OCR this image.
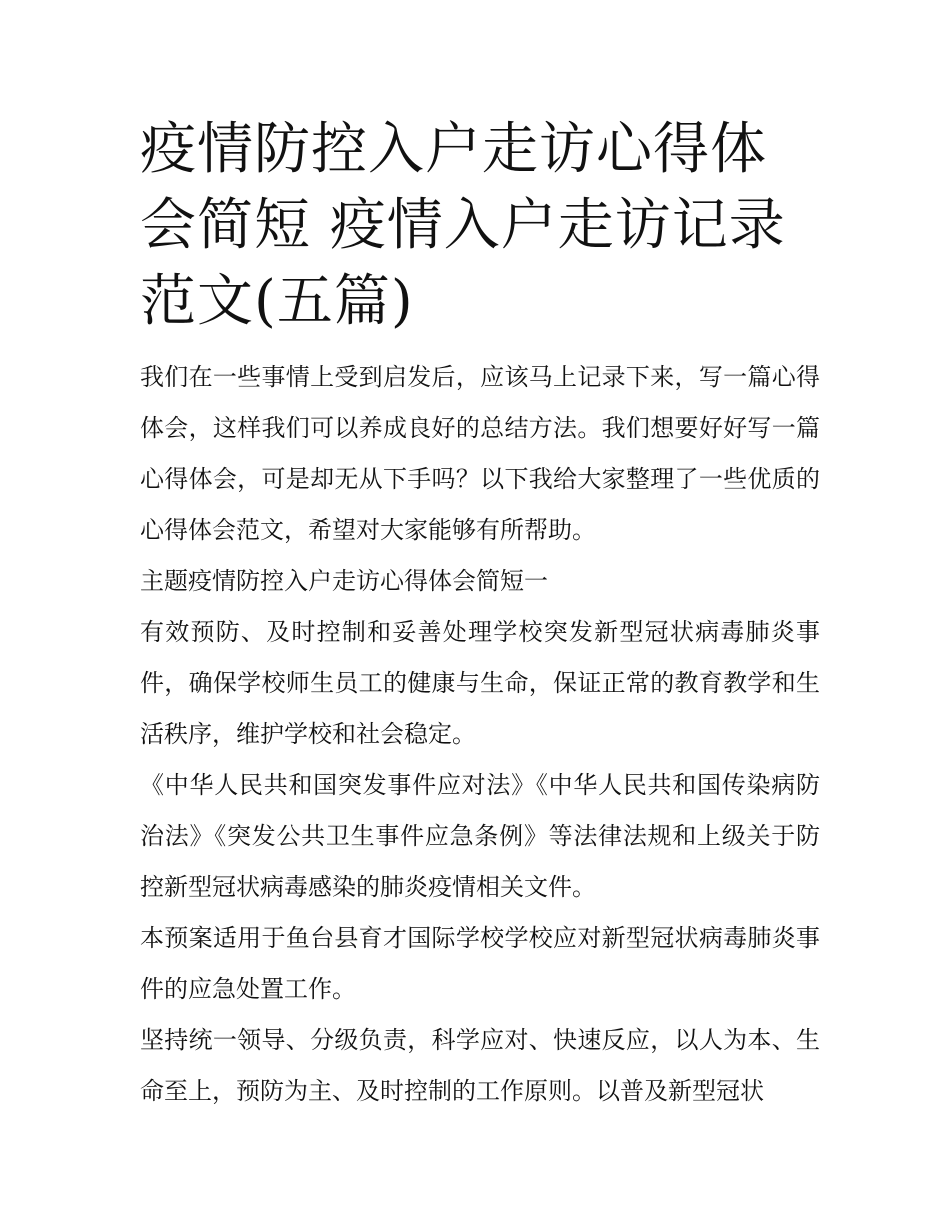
疫情防控入户走访心得体会简短 疫情入户走访记录范文(五篇)

我们在一些事情上受到启发后，应该马上记录下来，写一篇心得体会，这样我们可以养成良好的总结方法。我们想要好好写一篇心得体会，可是却无从下手吗？以下我给大家整理了一些优质的心得体会范文，希望对大家能够有所帮助。

主题疫情防控入户走访心得体会简短一

有效预防、及时控制和妥善处理学校突发新型冠状病毒肺炎事件，确保学校师生员工的健康与生命，保证正常的教育教学和生活秩序，维护学校和社会稳定。

《中华人民共和国突发事件应对法》《中华人民共和国传染病防治法》《突发公共卫生事件应急条例》等法律法规和上级关于防控新型冠状病毒感染的肺炎疫情相关文件。

本预案适用于鱼台县育才国际学校学校应对新型冠状病毒肺炎事件的应急处置工作。

坚持统一领导、分级负责，科学应对、快速反应，以人为本、生命至上，预防为主、及时控制的工作原则。以普及新型冠状
